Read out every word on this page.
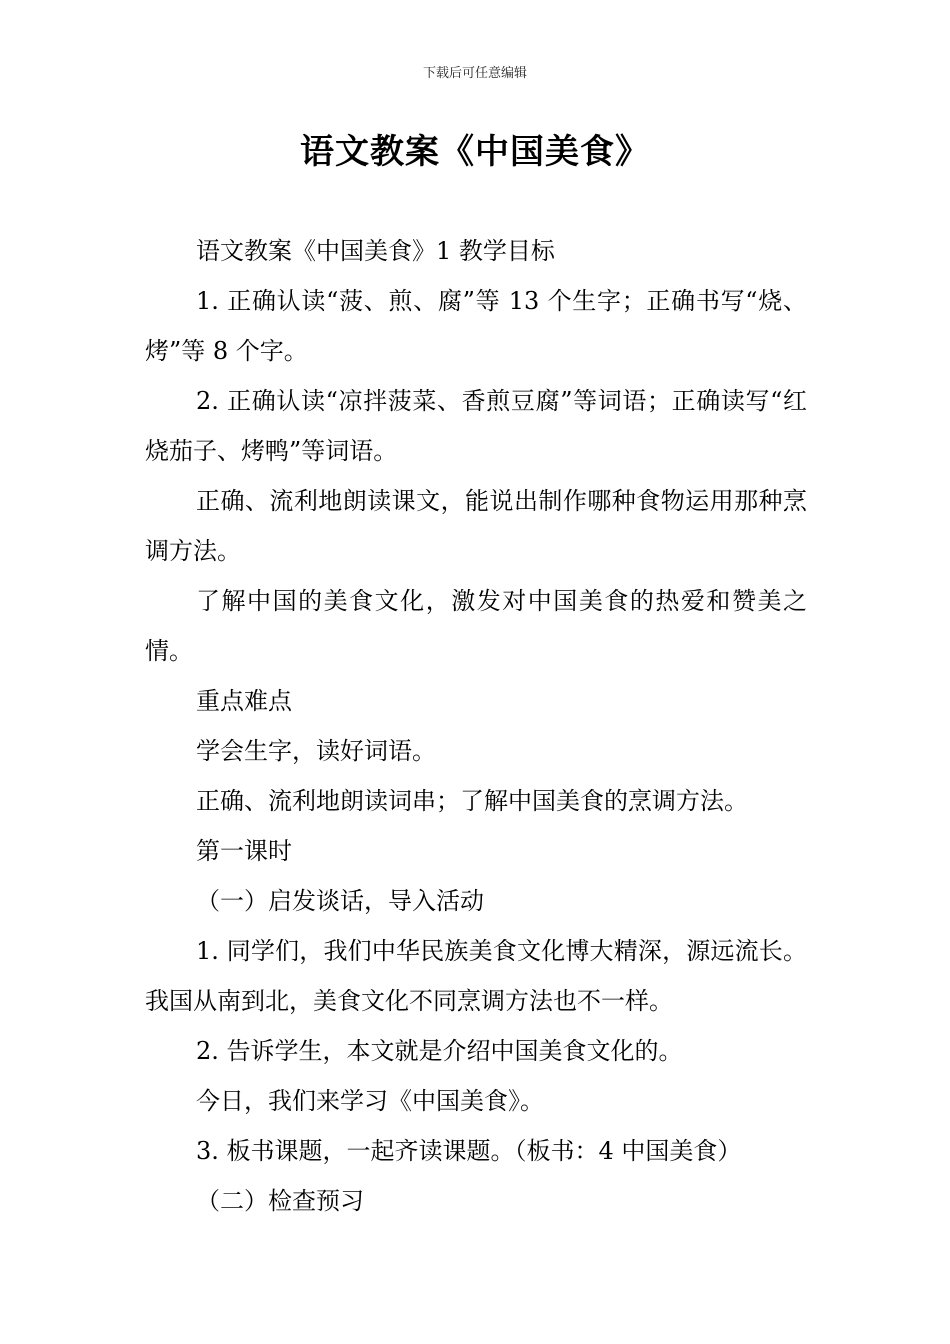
下载后可任意编辑
语文教案《中国美食》

语文教案《中国美食》1 教学目标

1. 正确认读“菠、煎、腐”等 13 个生字；正确书写“烧、烤”等 8 个字。

2. 正确认读“凉拌菠菜、香煎豆腐”等词语；正确读写“红烧茄子、烤鸭”等词语。

正确、流利地朗读课文，能说出制作哪种食物运用那种烹调方法。

了解中国的美食文化，激发对中国美食的热爱和赞美之情。

重点难点

学会生字，读好词语。

正确、流利地朗读词串；了解中国美食的烹调方法。

第一课时

（一）启发谈话，导入活动

1. 同学们，我们中华民族美食文化博大精深，源远流长。我国从南到北，美食文化不同烹调方法也不一样。

2. 告诉学生，本文就是介绍中国美食文化的。

今日，我们来学习《中国美食》。

3. 板书课题，一起齐读课题。（板书：4 中国美食）

（二）检查预习
